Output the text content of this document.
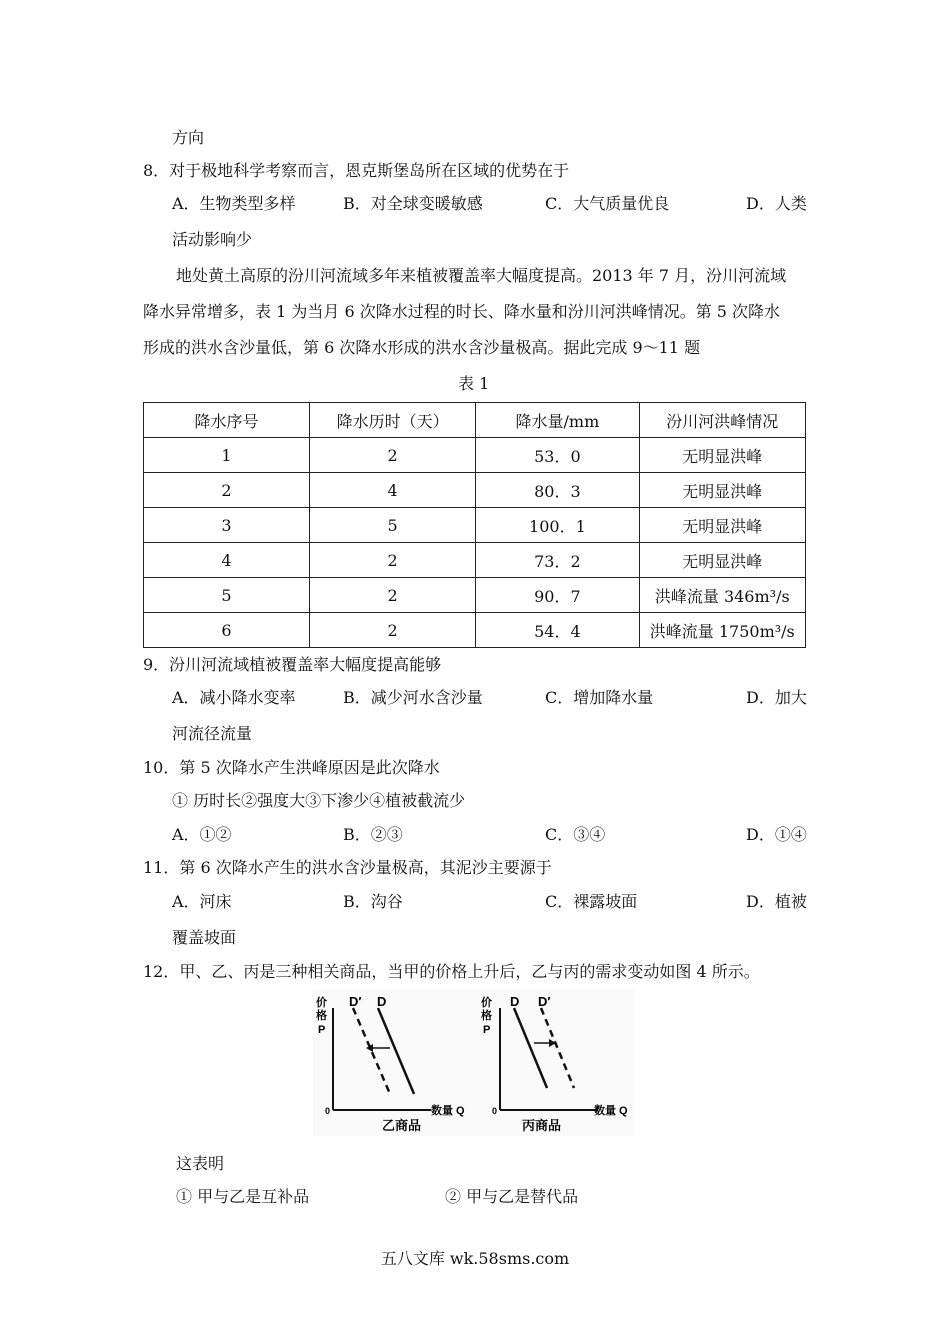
方向
8．对于极地科学考察而言，恩克斯堡岛所在区域的优势在于
A．生物类型多样	B．对全球变暖敏感	C．大气质量优良	D．人类
活动影响少
地处黄土高原的汾川河流域多年来植被覆盖率大幅度提高。2013 年 7 月，汾川河流域
降水异常增多，表 1 为当月 6 次降水过程的时长、降水量和汾川河洪峰情况。第 5 次降水
形成的洪水含沙量低，第 6 次降水形成的洪水含沙量极高。据此完成 9～11 题
表 1
降水序号	降水历时（天）	降水量/mm	汾川河洪峰情况
1	2	53．0	无明显洪峰
2	4	80．3	无明显洪峰
3	5	100．1	无明显洪峰
4	2	73．2	无明显洪峰
5	2	90．7	洪峰流量 346m³/s
6	2	54．4	洪峰流量 1750m³/s
9．汾川河流域植被覆盖率大幅度提高能够
A．减小降水变率	B．减少河水含沙量	C．增加降水量	D．加大
河流径流量
10．第 5 次降水产生洪峰原因是此次降水
① 历时长②强度大③下渗少④植被截流少
A．①②	B．②③	C．③④	D．①④
11．第 6 次降水产生的洪水含沙量极高，其泥沙主要源于
A．河床	B．沟谷	C．裸露坡面	D．植被
覆盖坡面
12．甲、乙、丙是三种相关商品，当甲的价格上升后，乙与丙的需求变动如图 4 所示。
价
格
P
0
D′ D
数量 Q
乙商品
价
格
P
0
D D′
数量 Q
丙商品
这表明
① 甲与乙是互补品	② 甲与乙是替代品
五八文库 wk.58sms.com
